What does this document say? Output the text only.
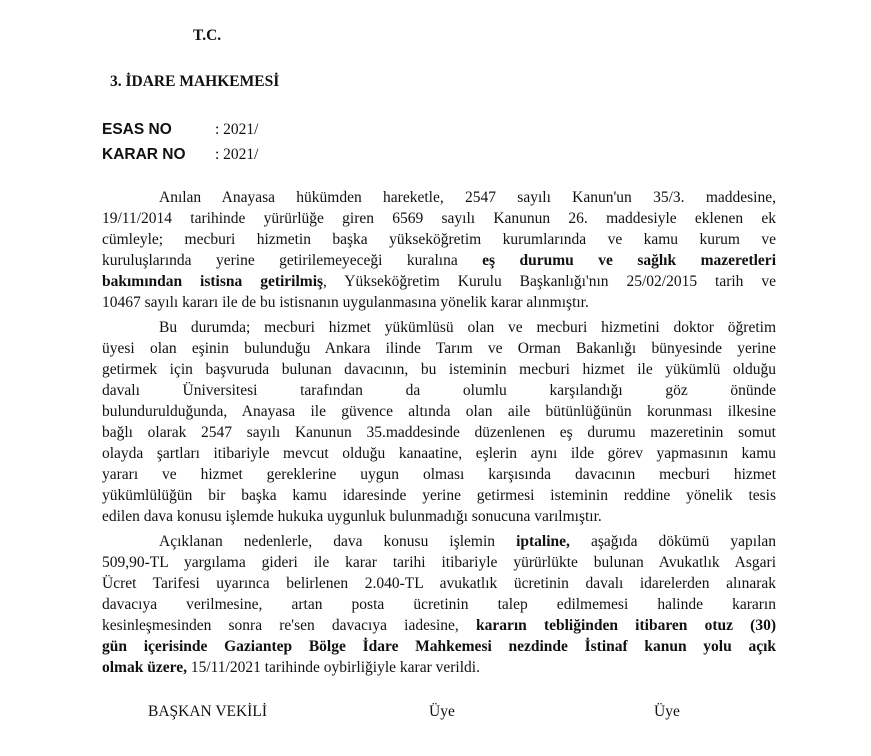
T.C.
3. İDARE MAHKEMESİ
ESAS NO	: 2021/
KARAR NO : 2021/
Anılan Anayasa hükümden hareketle, 2547 sayılı Kanun'un 35/3. maddesine,
19/11/2014 tarihinde yürürlüğe giren 6569 sayılı Kanunun 26. maddesiyle eklenen ek
cümleyle; mecburi hizmetin başka yükseköğretim kurumlarında ve kamu kurum ve
kuruluşlarında yerine getirilemeyeceği kuralına eş durumu ve sağlık mazeretleri
bakımından istisna getirilmiş, Yükseköğretim Kurulu Başkanlığı'nın 25/02/2015 tarih ve
10467 sayılı kararı ile de bu istisnanın uygulanmasına yönelik karar alınmıştır.
Bu durumda; mecburi hizmet yükümlüsü olan ve mecburi hizmetini doktor öğretim
üyesi olan eşinin bulunduğu Ankara ilinde Tarım ve Orman Bakanlığı bünyesinde yerine
getirmek için başvuruda bulunan davacının, bu isteminin mecburi hizmet ile yükümlü olduğu
davalı Üniversitesi tarafından da olumlu karşılandığı göz önünde
bulundurulduğunda, Anayasa ile güvence altında olan aile bütünlüğünün korunması ilkesine
bağlı olarak 2547 sayılı Kanunun 35.maddesinde düzenlenen eş durumu mazeretinin somut
olayda şartları itibariyle mevcut olduğu kanaatine, eşlerin aynı ilde görev yapmasının kamu
yararı ve hizmet gereklerine uygun olması karşısında davacının mecburi hizmet
yükümlülüğün bir başka kamu idaresinde yerine getirmesi isteminin reddine yönelik tesis
edilen dava konusu işlemde hukuka uygunluk bulunmadığı sonucuna varılmıştır.
Açıklanan nedenlerle, dava konusu işlemin iptaline, aşağıda dökümü yapılan
509,90-TL yargılama gideri ile karar tarihi itibariyle yürürlükte bulunan Avukatlık Asgari
Ücret Tarifesi uyarınca belirlenen 2.040-TL avukatlık ücretinin davalı idarelerden alınarak
davacıya verilmesine, artan posta ücretinin talep edilmemesi halinde kararın
kesinleşmesinden sonra re'sen davacıya iadesine, kararın tebliğinden itibaren otuz (30)
gün içerisinde Gaziantep Bölge İdare Mahkemesi nezdinde İstinaf kanun yolu açık
olmak üzere, 15/11/2021 tarihinde oybirliğiyle karar verildi.
BAŞKAN VEKİLİ	Üye	Üye
